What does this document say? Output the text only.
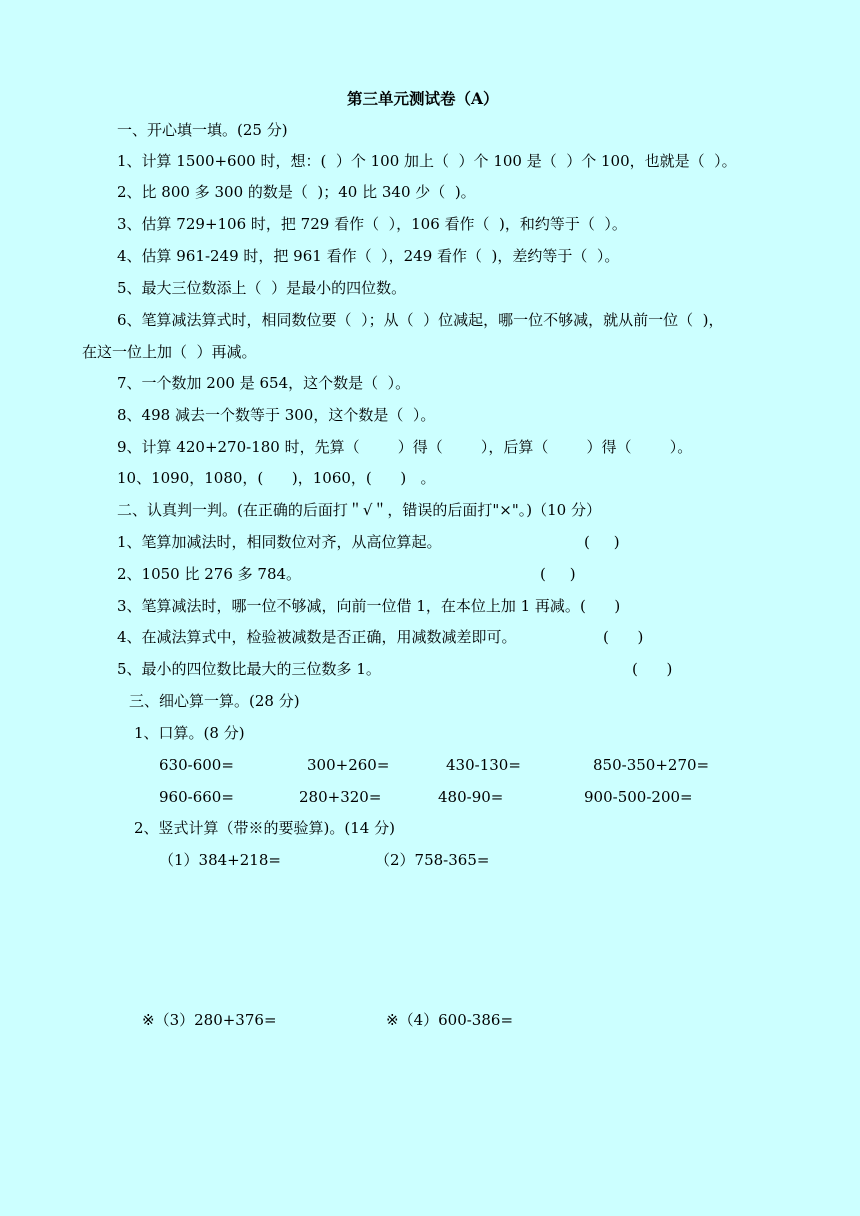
第三单元测试卷（A）
一、开心填一填。(25 分)
1、计算 1500+600 时，想：(  ）个 100 加上（  ）个 100 是（  ）个 100，也就是（  ）。
2、比 800 多 300 的数是（  )；40 比 340 少（  )。
3、估算 729+106 时，把 729 看作（  ），106 看作（  )，和约等于（  ）。
4、估算 961-249 时，把 961 看作（  ），249 看作（  )，差约等于（  ）。
5、最大三位数添上（  ）是最小的四位数。
6、笔算减法算式时，相同数位要（  ）；从（  ）位减起，哪一位不够减，就从前一位（  )，
在这一位上加（  ）再减。
7、一个数加 200 是 654，这个数是（  ）。
8、498 减去一个数等于 300，这个数是（  ）。
9、计算 420+270-180 时，先算（        ）得（        ），后算（        ）得（        ）。
10、1090，1080，(      )，1060，(      )   。
二、认真判一判。(在正确的后面打＂√＂，错误的后面打"×"。)（10 分）
1、笔算加减法时，相同数位对齐，从高位算起。	(     )
2、1050 比 276 多 784。	(     )
3、笔算减法时，哪一位不够减，向前一位借 1，在本位上加 1 再减。(      )
4、在减法算式中，检验被减数是否正确，用减数减差即可。	(      )
5、最小的四位数比最大的三位数多 1。	(      )
三、细心算一算。(28 分)
1、口算。(8 分)
630-600=	300+260=	430-130=	850-350+270=
960-660=	280+320=	480-90=	900-500-200=
2、竖式计算（带※的要验算)。(14 分)
（1）384+218=	（2）758-365=
※（3）280+376=	※（4）600-386=
